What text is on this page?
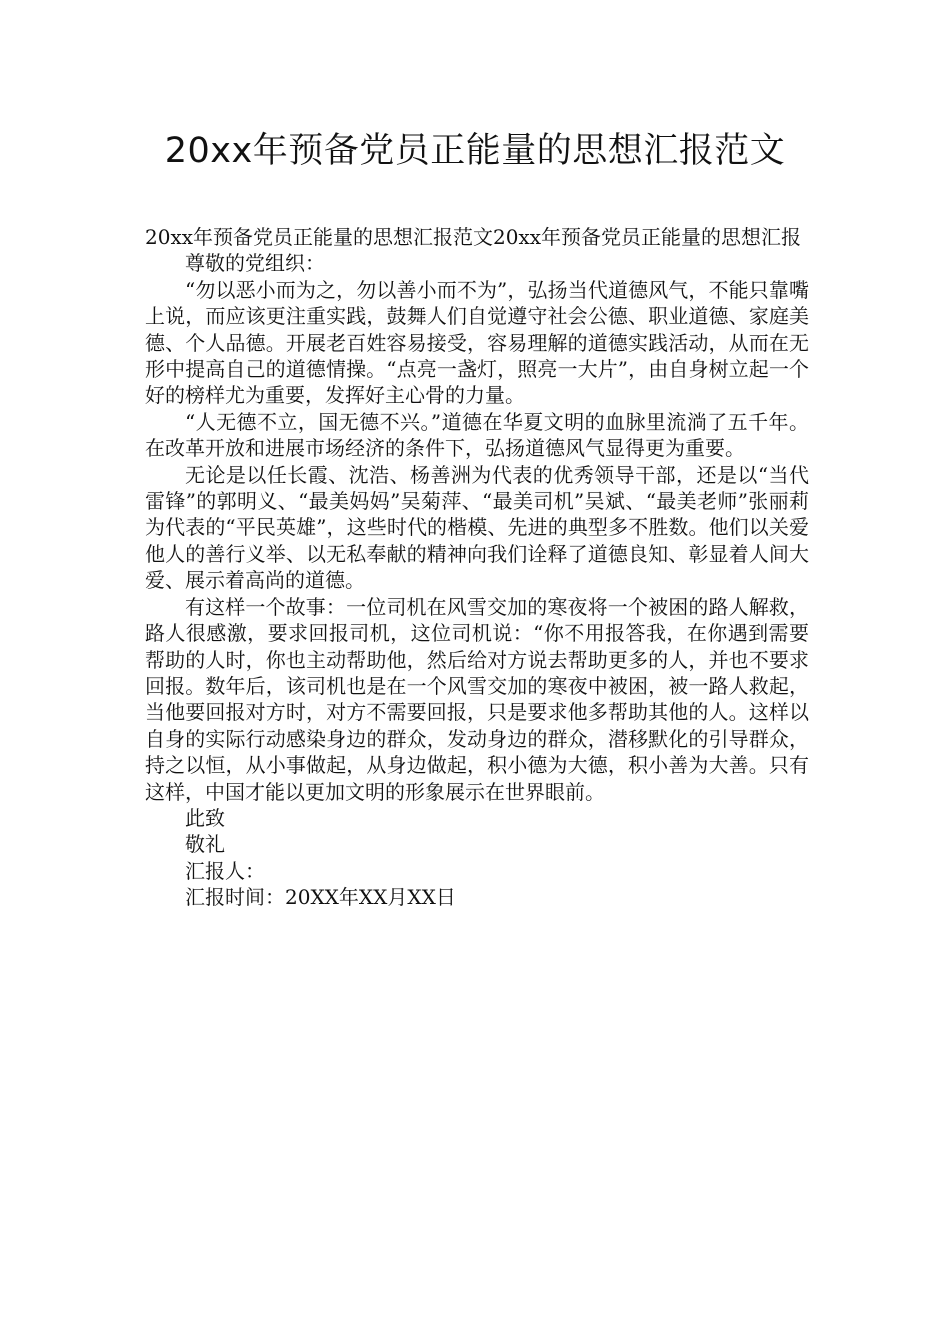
20xx年预备党员正能量的思想汇报范文

20xx年预备党员正能量的思想汇报范文20xx年预备党员正能量的思想汇报

尊敬的党组织：

“勿以恶小而为之，勿以善小而不为”，弘扬当代道德风气，不能只靠嘴上说，而应该更注重实践，鼓舞人们自觉遵守社会公德、职业道德、家庭美德、个人品德。开展老百姓容易接受，容易理解的道德实践活动，从而在无形中提高自己的道德情操。“点亮一盏灯，照亮一大片”，由自身树立起一个好的榜样尤为重要，发挥好主心骨的力量。

“人无德不立，国无德不兴。”道德在华夏文明的血脉里流淌了五千年。在改革开放和进展市场经济的条件下，弘扬道德风气显得更为重要。

无论是以任长霞、沈浩、杨善洲为代表的优秀领导干部，还是以“当代雷锋”的郭明义、“最美妈妈”吴菊萍、“最美司机”吴斌、“最美老师”张丽莉为代表的“平民英雄”，这些时代的楷模、先进的典型多不胜数。他们以关爱他人的善行义举、以无私奉献的精神向我们诠释了道德良知、彰显着人间大爱、展示着高尚的道德。

有这样一个故事：一位司机在风雪交加的寒夜将一个被困的路人解救，路人很感激，要求回报司机，这位司机说：“你不用报答我，在你遇到需要帮助的人时，你也主动帮助他，然后给对方说去帮助更多的人，并也不要求回报。数年后，该司机也是在一个风雪交加的寒夜中被困，被一路人救起，当他要回报对方时，对方不需要回报，只是要求他多帮助其他的人。这样以自身的实际行动感染身边的群众，发动身边的群众，潜移默化的引导群众，持之以恒，从小事做起，从身边做起，积小德为大德，积小善为大善。只有这样，中国才能以更加文明的形象展示在世界眼前。

此致

敬礼

汇报人：

汇报时间：20XX年XX月XX日
